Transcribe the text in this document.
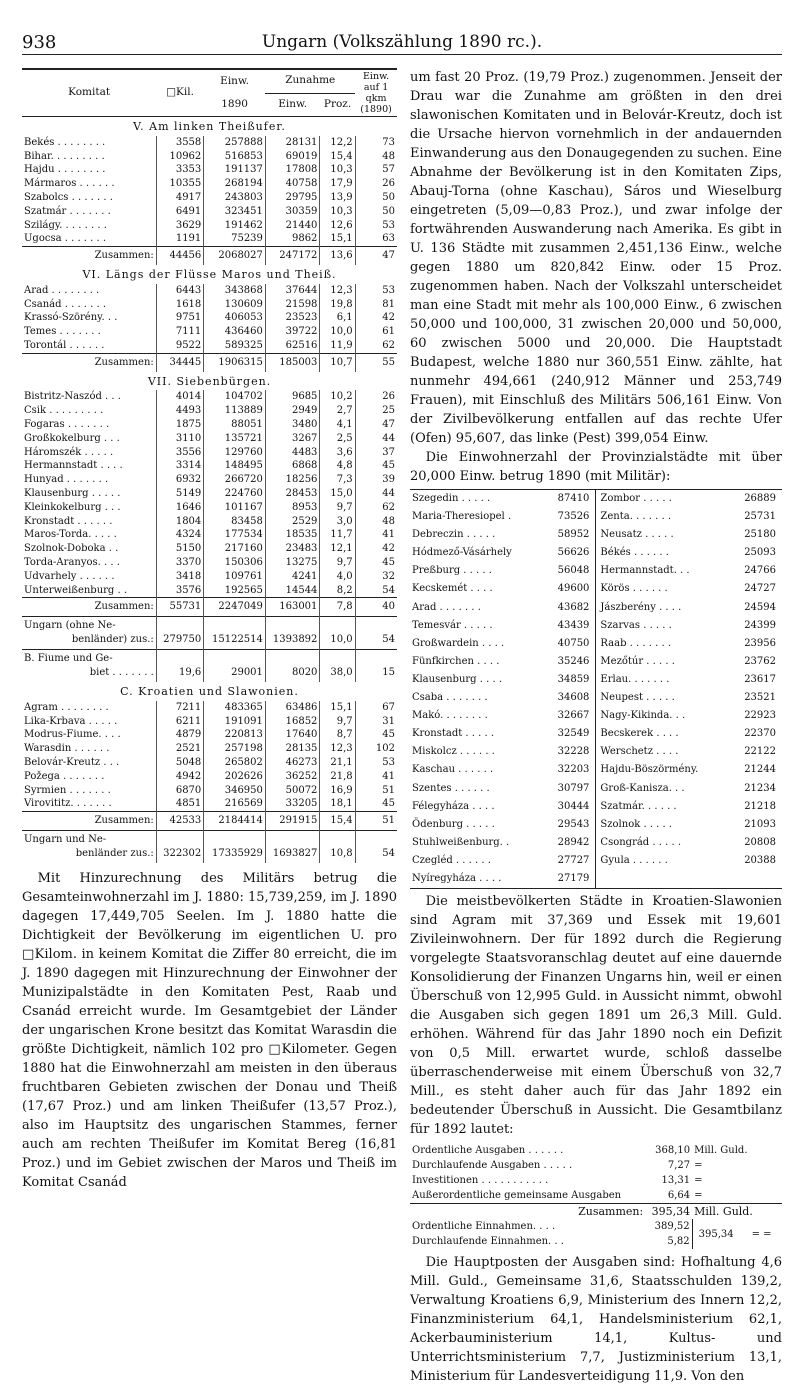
938	Ungarn (Volkszählung 1890 rc.).
Komitat	□Kil.	Einw.	Zunahme		Einw. auf 1 qkm (1890)
		1890	Einw.	Proz.	
V. Am linken Theißufer.					
Bekés . . . . . . . .	3558	257888	28131	12,2	73
Bihar. . . . . . . . .	10962	516853	69019	15,4	48
Hajdu . . . . . . . .	3353	191137	17808	10,3	57
Mármaros . . . . . .	10355	268194	40758	17,9	26
Szabolcs . . . . . . .	4917	243803	29795	13,9	50
Szatmár . . . . . . .	6491	323451	30359	10,3	50
Szilágy. . . . . . . .	3629	191462	21440	12,6	53
Ugocsa . . . . . . .	1191	75239	9862	15,1	63
Zusammen:	44456	2068027	247172	13,6	47
VI. Längs der Flüsse Maros und Theiß.					
Arad . . . . . . . .	6443	343868	37644	12,3	53
Csanád . . . . . . .	1618	130609	21598	19,8	81
Krassó-Szörény. . .	9751	406053	23523	6,1	42
Temes . . . . . . .	7111	436460	39722	10,0	61
Torontál . . . . . .	9522	589325	62516	11,9	62
Zusammen:	34445	1906315	185003	10,7	55
VII. Siebenbürgen.					
Bistritz-Naszód . . .	4014	104702	9685	10,2	26
Csik . . . . . . . . .	4493	113889	2949	2,7	25
Fogaras . . . . . . .	1875	88051	3480	4,1	47
Großkokelburg . . .	3110	135721	3267	2,5	44
Háromszék . . . . .	3556	129760	4483	3,6	37
Hermannstadt . . . .	3314	148495	6868	4,8	45
Hunyad . . . . . . .	6932	266720	18256	7,3	39
Klausenburg . . . . .	5149	224760	28453	15,0	44
Kleinkokelburg . . .	1646	101167	8953	9,7	62
Kronstadt . . . . . .	1804	83458	2529	3,0	48
Maros-Torda. . . . .	4324	177534	18535	11,7	41
Szolnok-Doboka . .	5150	217160	23483	12,1	42
Torda-Aranyos. . . .	3370	150306	13275	9,7	45
Udvarhely . . . . . .	3418	109761	4241	4,0	32
Unterweißenburg . .	3576	192565	14544	8,2	54
Zusammen:	55731	2247049	163001	7,8	40

Ungarn (ohne Ne-
benländer) zus.:	279750	15122514	1393892	10,0	54

B. Fiume und Ge-
biet . . . . . . .	19,6	29001	8020	38,0	15
C. Kroatien und Slawonien.					
Agram . . . . . . . .	7211	483365	63486	15,1	67
Lika-Krbava . . . . .	6211	191091	16852	9,7	31
Modrus-Fiume. . . .	4879	220813	17640	8,7	45
Warasdin . . . . . .	2521	257198	28135	12,3	102
Belovár-Kreutz . . .	5048	265802	46273	21,1	53
Požega . . . . . . .	4942	202626	36252	21,8	41
Syrmien . . . . . . .	6870	346950	50072	16,9	51
Virovititz. . . . . . .	4851	216569	33205	18,1	45
Zusammen:	42533	2184414	291915	15,4	51

Ungarn und Ne-
benländer zus.:	322302	17335929	1693827	10,8	54

Mit Hinzurechnung des Militärs betrug die Gesamteinwohnerzahl im J. 1880: 15,739,259, im J. 1890 dagegen 17,449,705 Seelen. Im J. 1880 hatte die Dichtigkeit der Bevölkerung im eigentlichen U. pro □Kilom. in keinem Komitat die Ziffer 80 erreicht, die im J. 1890 dagegen mit Hinzurechnung der Einwohner der Munizipalstädte in den Komitaten Pest, Raab und Csanád erreicht wurde. Im Gesamtgebiet der Länder der ungarischen Krone besitzt das Komitat Warasdin die größte Dichtigkeit, nämlich 102 pro □Kilometer. Gegen 1880 hat die Einwohnerzahl am meisten in den überaus fruchtbaren Gebieten zwischen der Donau und Theiß (17,67 Proz.) und am linken Theißufer (13,57 Proz.), also im Hauptsitz des ungarischen Stammes, ferner auch am rechten Theißufer im Komitat Bereg (16,81 Proz.) und im Gebiet zwischen der Maros und Theiß im Komitat Csanád

um fast 20 Proz. (19,79 Proz.) zugenommen. Jenseit der Drau war die Zunahme am größten in den drei slawonischen Komitaten und in Belovár-Kreutz, doch ist die Ursache hiervon vornehmlich in der andauernden Einwanderung aus den Donaugegenden zu suchen. Eine Abnahme der Bevölkerung ist in den Komitaten Zips, Abauj-Torna (ohne Kaschau), Sáros und Wieselburg eingetreten (5,09—0,83 Proz.), und zwar infolge der fortwährenden Auswanderung nach Amerika. Es gibt in U. 136 Städte mit zusammen 2,451,136 Einw., welche gegen 1880 um 820,842 Einw. oder 15 Proz. zugenommen haben. Nach der Volkszahl unterscheidet man eine Stadt mit mehr als 100,000 Einw., 6 zwischen 50,000 und 100,000, 31 zwischen 20,000 und 50,000, 60 zwischen 5000 und 20,000. Die Hauptstadt Budapest, welche 1880 nur 360,551 Einw. zählte, hat nunmehr 494,661 (240,912 Männer und 253,749 Frauen), mit Einschluß des Militärs 506,161 Einw. Von der Zivilbevölkerung entfallen auf das rechte Ufer (Ofen) 95,607, das linke (Pest) 399,054 Einw.

Die Einwohnerzahl der Provinzialstädte mit über 20,000 Einw. betrug 1890 (mit Militär):

Szegedin . . . . .	87410	Zombor . . . . .	26889
Maria-Theresiopel .	73526	Zenta. . . . . . .	25731
Debreczin . . . . .	58952	Neusatz . . . . .	25180
Hódmező-Vásárhely	56626	Békés . . . . . .	25093
Preßburg . . . . .	56048	Hermannstadt. . .	24766
Kecskemét . . . .	49600	Körös . . . . . .	24727
Arad . . . . . . .	43682	Jászberény . . . .	24594
Temesvár . . . . .	43439	Szarvas . . . . .	24399
Großwardein . . . .	40750	Raab . . . . . . .	23956
Fünfkirchen . . . .	35246	Mezőtúr . . . . .	23762
Klausenburg . . . .	34859	Erlau. . . . . . .	23617
Csaba . . . . . . .	34608	Neupest . . . . .	23521
Makó. . . . . . . .	32667	Nagy-Kikinda. . .	22923
Kronstadt . . . . .	32549	Becskerek . . . .	22370
Miskolcz . . . . . .	32228	Werschetz . . . .	22122
Kaschau . . . . . .	32203	Hajdu-Böszörmény.	21244
Szentes . . . . . .	30797	Groß-Kanisza. . .	21234
Félegyháza . . . .	30444	Szatmár. . . . . .	21218
Ödenburg . . . . .	29543	Szolnok . . . . .	21093
Stuhlweißenburg. .	28942	Csongrád . . . . .	20808
Czegléd . . . . . .	27727	Gyula . . . . . .	20388
Nyíregyháza . . . .	27179		

Die meistbevölkerten Städte in Kroatien-Slawonien sind Agram mit 37,369 und Essek mit 19,601 Zivileinwohnern. Der für 1892 durch die Regierung vorgelegte Staatsvoranschlag deutet auf eine dauernde Konsolidierung der Finanzen Ungarns hin, weil er einen Überschuß von 12,995 Guld. in Aussicht nimmt, obwohl die Ausgaben sich gegen 1891 um 26,3 Mill. Guld. erhöhen. Während für das Jahr 1890 noch ein Defizit von 0,5 Mill. erwartet wurde, schloß dasselbe überraschenderweise mit einem Überschuß von 32,7 Mill., es steht daher auch für das Jahr 1892 ein bedeutender Überschuß in Aussicht. Die Gesamtbilanz für 1892 lautet:

Ordentliche Ausgaben . . . . . .	368,10	Mill. Guld.
Durchlaufende Ausgaben . . . . .	7,27	=
Investitionen . . . . . . . . . . .	13,31	=
Außerordentliche gemeinsame Ausgaben	6,64	=
Zusammen:	395,34	Mill. Guld.
Ordentliche Einnahmen. . . .	389,52	395,34 = =
Durchlaufende Einnahmen. . .	5,82	

Die Hauptposten der Ausgaben sind: Hofhaltung 4,6 Mill. Guld., Gemeinsame 31,6, Staatsschulden 139,2, Verwaltung Kroatiens 6,9, Ministerium des Innern 12,2, Finanzministerium 64,1, Handelsministerium 62,1, Ackerbauministerium 14,1, Kultus- und Unterrichtsministerium 7,7, Justizministerium 13,1, Ministerium für Landesverteidigung 11,9. Von den
